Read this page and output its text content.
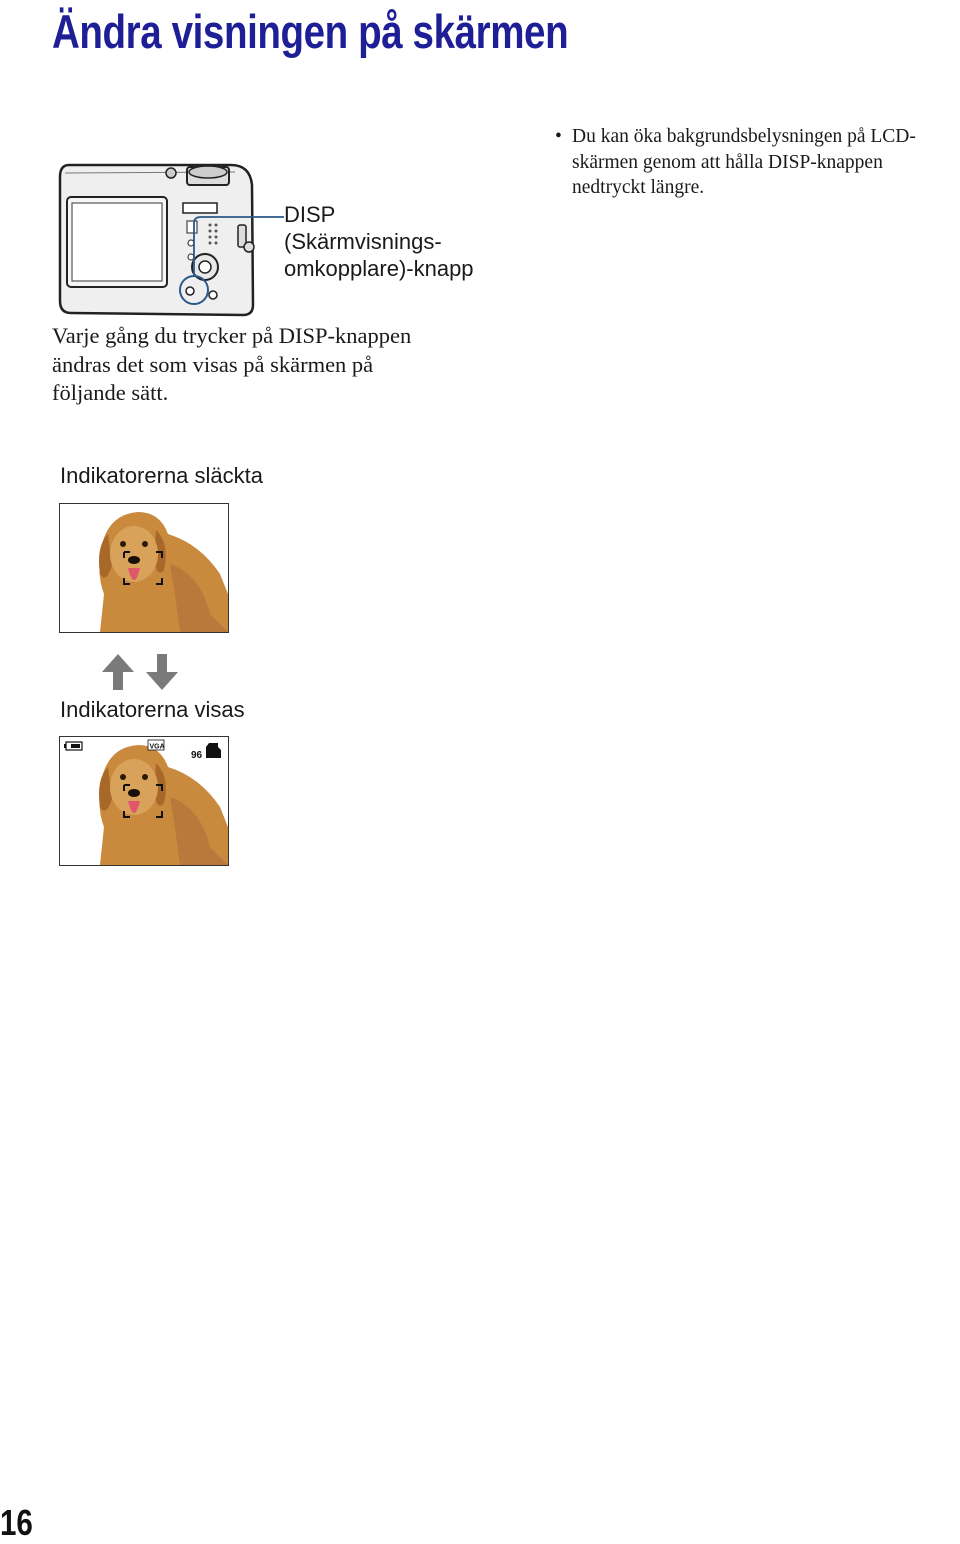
Ändra visningen på skärmen
DISP
(Skärmvisnings-
omkopplare)-knapp
• Du kan öka bakgrundsbelysningen på LCD-
skärmen genom att hålla DISP-knappen
nedtryckt längre.
Varje gång du trycker på DISP-knappen
ändras det som visas på skärmen på
följande sätt.
Indikatorerna släckta
Indikatorerna visas
VGA
96
16
